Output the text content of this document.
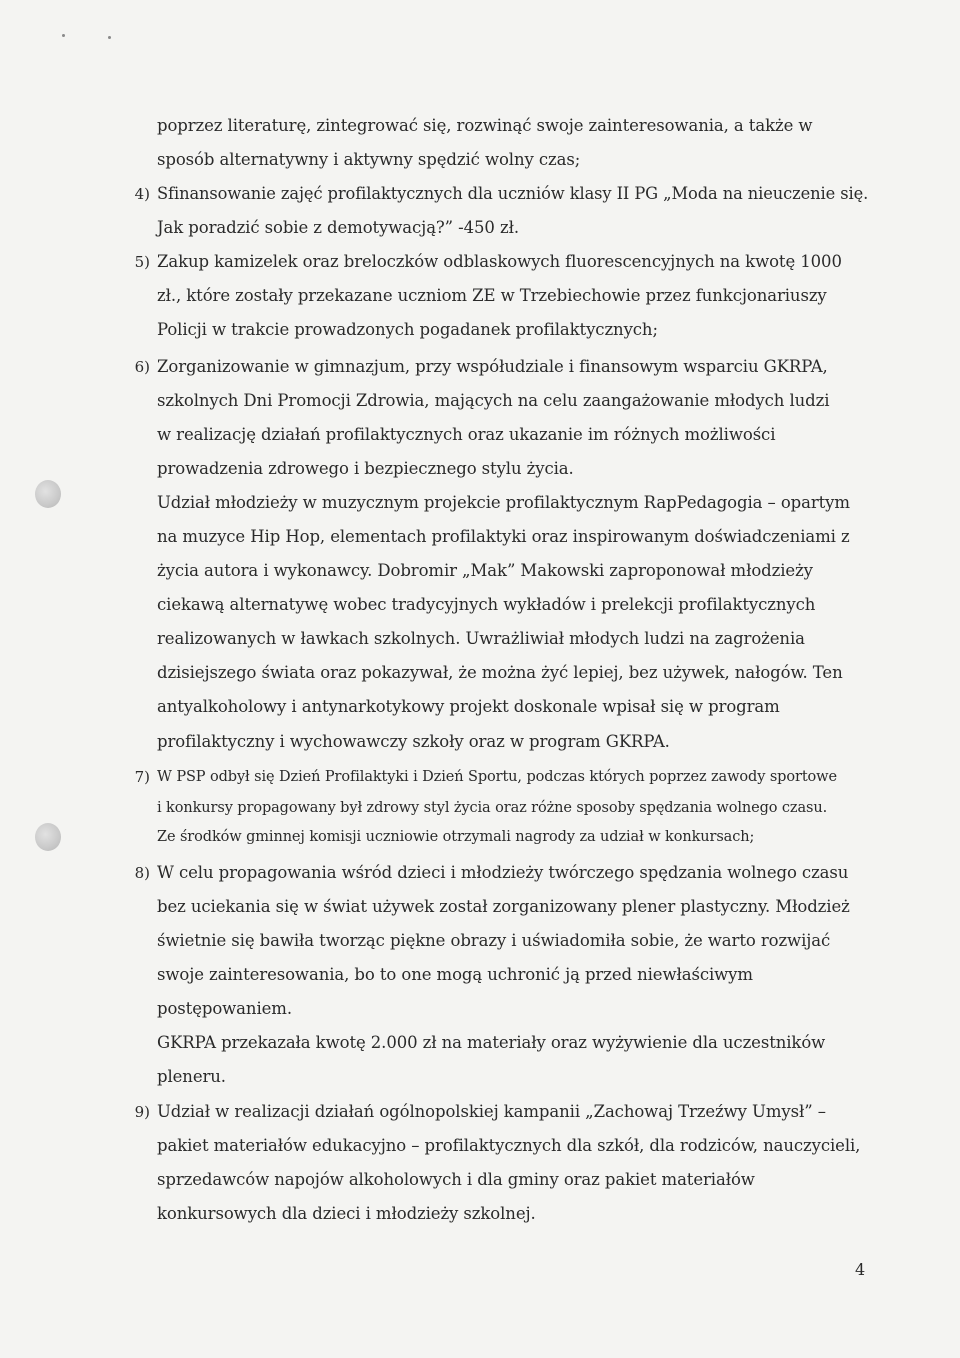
poprzez literaturę, zintegrować się, rozwinąć swoje zainteresowania, a także w
sposób alternatywny i aktywny spędzić wolny czas;
4) Sfinansowanie zajęć profilaktycznych dla uczniów klasy II PG „Moda na nieuczenie się.
Jak poradzić sobie z demotywacją?” -450 zł.
5) Zakup kamizelek oraz breloczków odblaskowych fluorescencyjnych na kwotę 1000
zł., które zostały przekazane uczniom ZE w Trzebiechowie przez funkcjonariuszy
Policji w trakcie prowadzonych pogadanek profilaktycznych;
6) Zorganizowanie w gimnazjum, przy współudziale i finansowym wsparciu GKRPA,
szkolnych Dni Promocji Zdrowia, mających na celu zaangażowanie młodych ludzi
w realizację działań profilaktycznych oraz ukazanie im różnych możliwości
prowadzenia zdrowego i bezpiecznego stylu życia.
Udział młodzieży w muzycznym projekcie profilaktycznym RapPedagogia – opartym
na muzyce Hip Hop, elementach profilaktyki oraz inspirowanym doświadczeniami z
życia autora i wykonawcy. Dobromir „Mak” Makowski zaproponował młodzieży
ciekawą alternatywę wobec tradycyjnych wykładów i prelekcji profilaktycznych
realizowanych w ławkach szkolnych. Uwrażliwiał młodych ludzi na zagrożenia
dzisiejszego świata oraz pokazywał, że można żyć lepiej, bez używek, nałogów. Ten
antyalkoholowy i antynarkotykowy projekt doskonale wpisał się w program
profilaktyczny i wychowawczy szkoły oraz w program GKRPA.
7) W PSP odbył się Dzień Profilaktyki i Dzień Sportu, podczas których poprzez zawody sportowe
i konkursy propagowany był zdrowy styl życia oraz różne sposoby spędzania wolnego czasu.
Ze środków gminnej komisji uczniowie otrzymali nagrody za udział w konkursach;
8) W celu propagowania wśród dzieci i młodzieży twórczego spędzania wolnego czasu
bez uciekania się w świat używek został zorganizowany plener plastyczny. Młodzież
świetnie się bawiła tworząc piękne obrazy i uświadomiła sobie, że warto rozwijać
swoje zainteresowania, bo to one mogą uchronić ją przed niewłaściwym
postępowaniem.
GKRPA przekazała kwotę 2.000 zł na materiały oraz wyżywienie dla uczestników
pleneru.
9) Udział w realizacji działań ogólnopolskiej kampanii „Zachowaj Trzeźwy Umysł” –
pakiet materiałów edukacyjno – profilaktycznych dla szkół, dla rodziców, nauczycieli,
sprzedawców napojów alkoholowych i dla gminy oraz pakiet materiałów
konkursowych dla dzieci i młodzieży szkolnej.
4
